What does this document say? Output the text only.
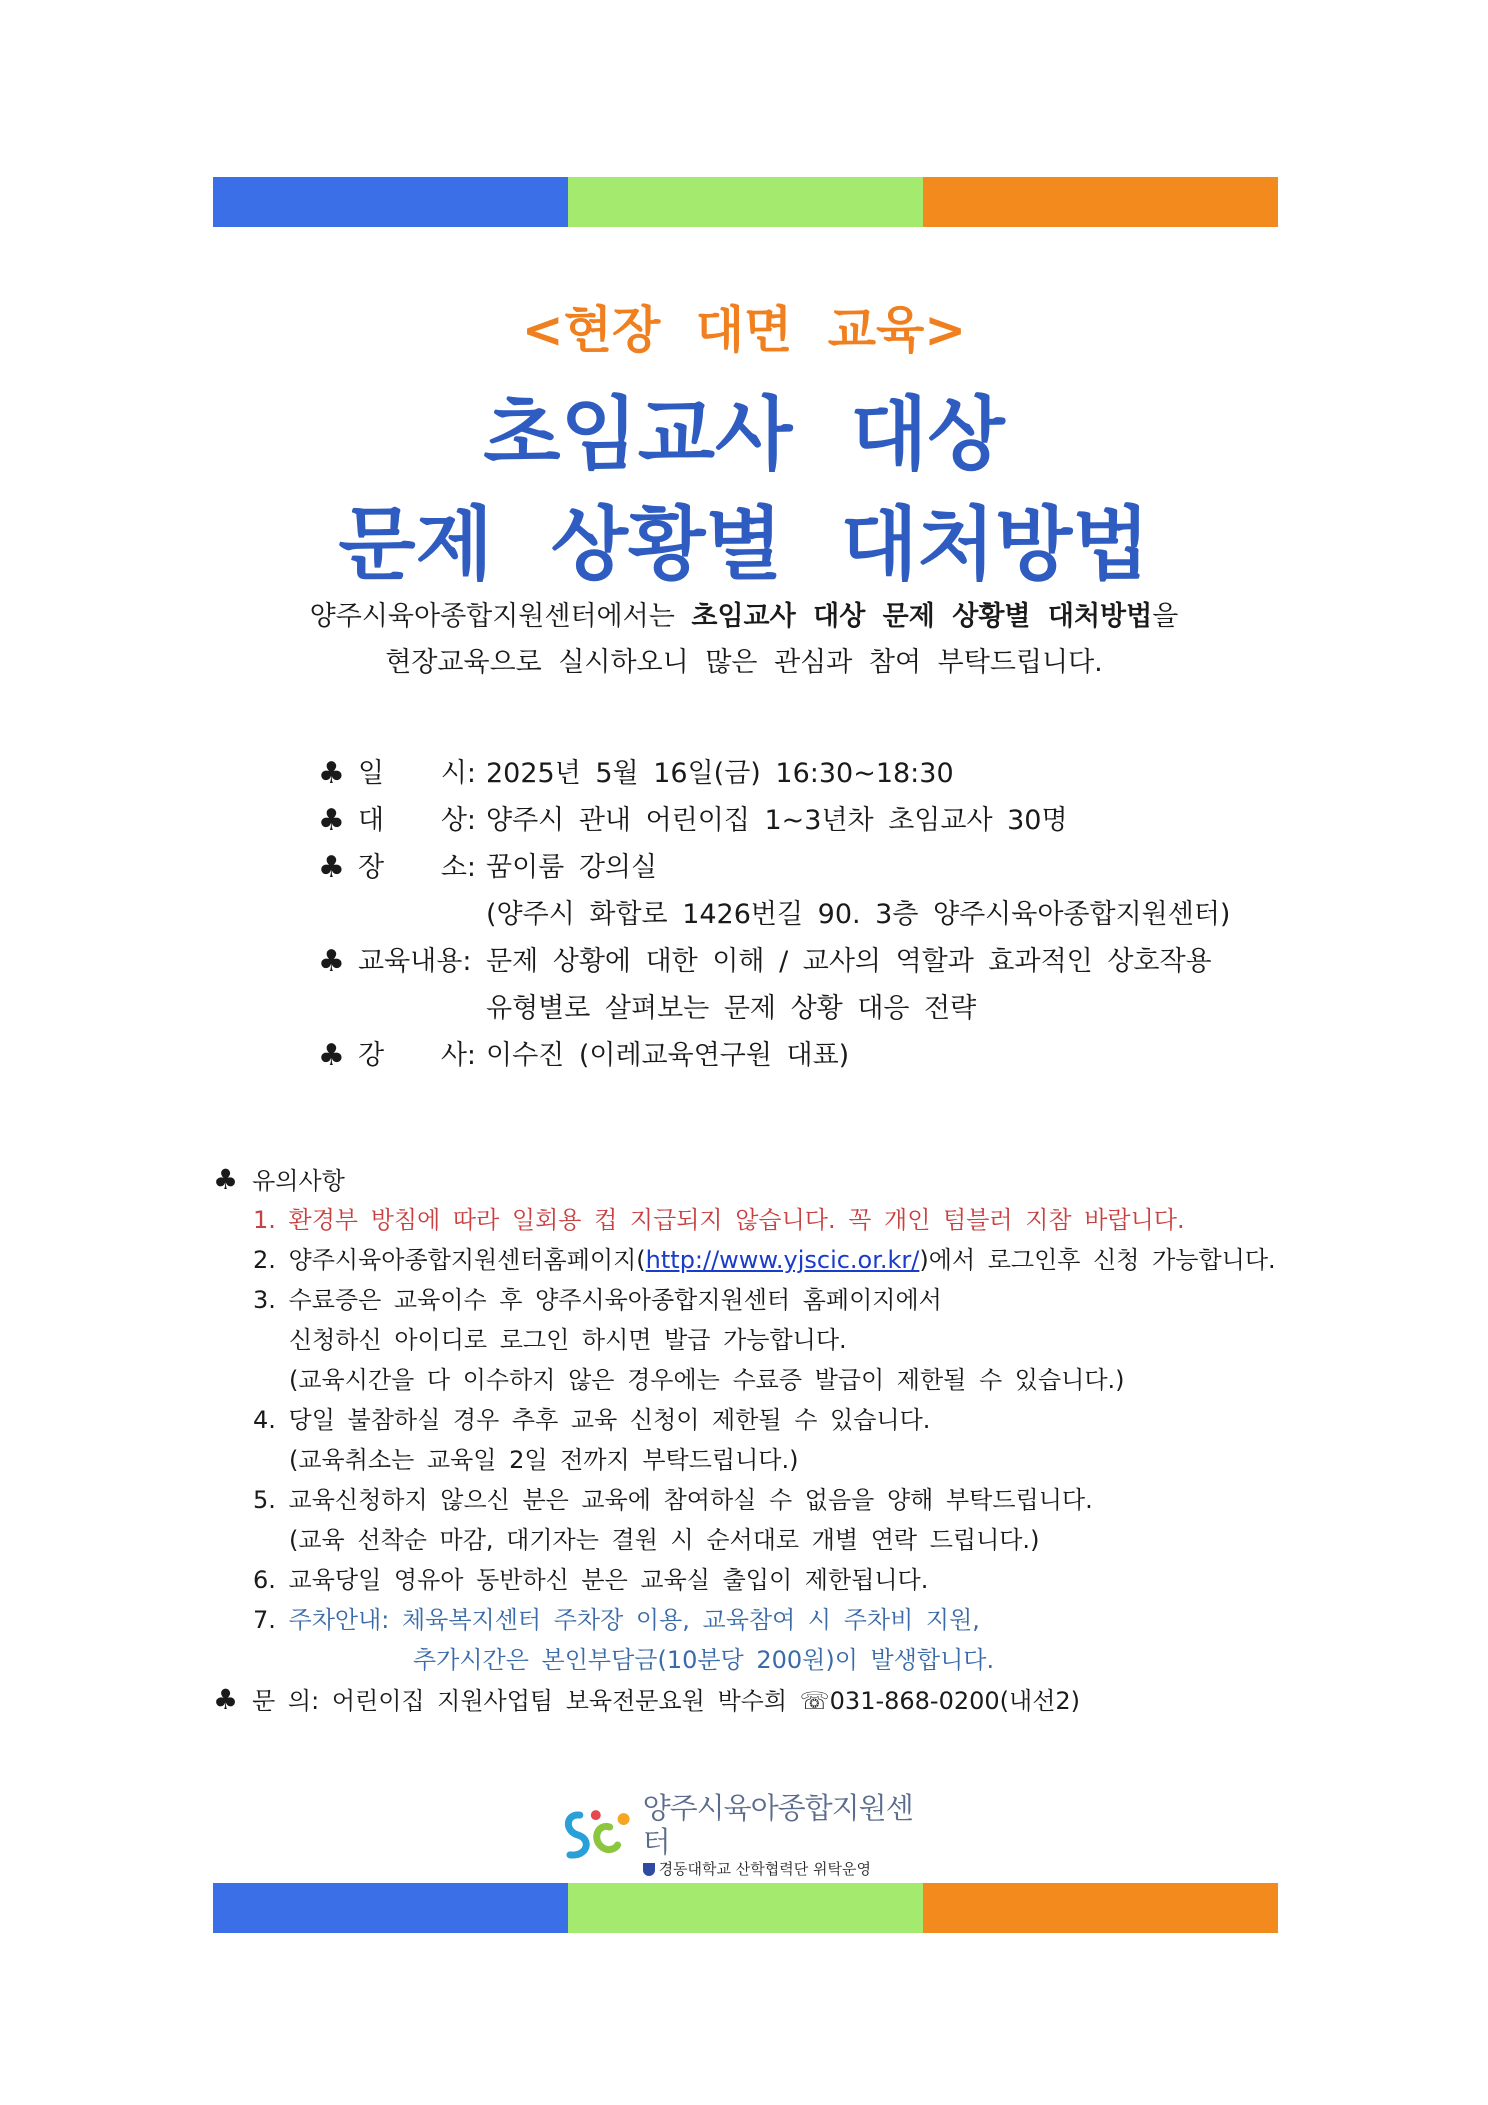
<현장 대면 교육>
초임교사 대상
문제 상황별 대처방법
양주시육아종합지원센터에서는 초임교사 대상 문제 상황별 대처방법을
현장교육으로 실시하오니 많은 관심과 참여 부탁드립니다.
♣ 일 시: 2025년 5월 16일(금) 16:30~18:30
♣ 대 상: 양주시 관내 어린이집 1~3년차 초임교사 30명
♣ 장 소: 꿈이룸 강의실
(양주시 화합로 1426번길 90. 3층 양주시육아종합지원센터)
♣ 교육내용: 문제 상황에 대한 이해 / 교사의 역할과 효과적인 상호작용
유형별로 살펴보는 문제 상황 대응 전략
♣ 강 사: 이수진 (이레교육연구원 대표)
♣ 유의사항
1. 환경부 방침에 따라 일회용 컵 지급되지 않습니다. 꼭 개인 텀블러 지참 바랍니다.
2. 양주시육아종합지원센터홈페이지(http://www.yjscic.or.kr/)에서 로그인후 신청 가능합니다.
3. 수료증은 교육이수 후 양주시육아종합지원센터 홈페이지에서
신청하신 아이디로 로그인 하시면 발급 가능합니다.
(교육시간을 다 이수하지 않은 경우에는 수료증 발급이 제한될 수 있습니다.)
4. 당일 불참하실 경우 추후 교육 신청이 제한될 수 있습니다.
(교육취소는 교육일 2일 전까지 부탁드립니다.)
5. 교육신청하지 않으신 분은 교육에 참여하실 수 없음을 양해 부탁드립니다.
(교육 선착순 마감, 대기자는 결원 시 순서대로 개별 연락 드립니다.)
6. 교육당일 영유아 동반하신 분은 교육실 출입이 제한됩니다.
7. 주차안내: 체육복지센터 주차장 이용, 교육참여 시 주차비 지원,
추가시간은 본인부담금(10분당 200원)이 발생합니다.
♣ 문 의: 어린이집 지원사업팀 보육전문요원 박수희 ☏031-868-0200(내선2)
양주시육아종합지원센터
경동대학교 산학협력단 위탁운영
